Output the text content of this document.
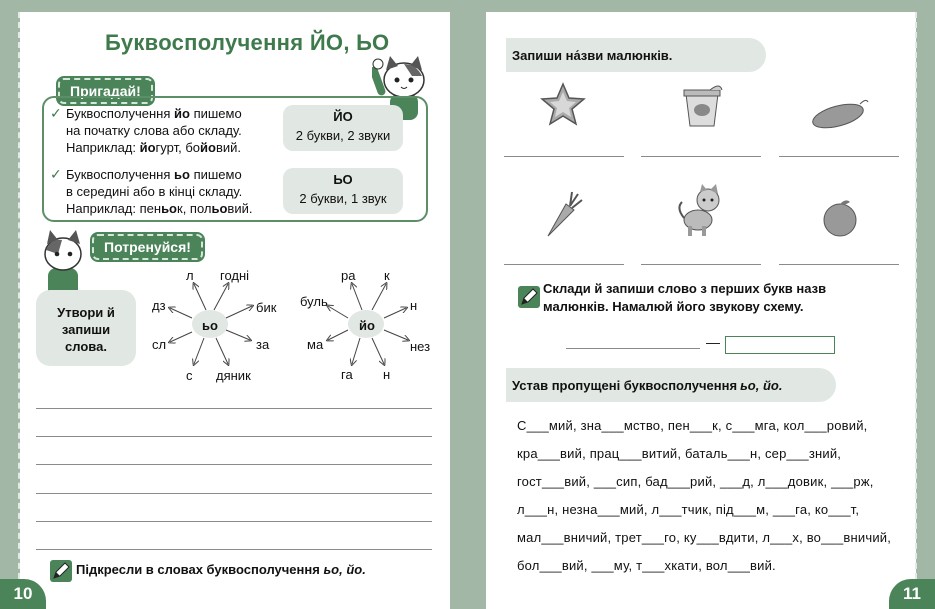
Буквосполучення ЙО, ЬО
Пригадай!
✓ Буквосполучення йо пишемо
на початку слова або складу.
Наприклад: йогурт, бойовий.
✓ Буквосполучення ьо пишемо
в середині або в кінці складу.
Наприклад: пеньок, польовий.
ЙО
2 букви, 2 звуки
ЬО
2 букви, 1 звук
Потренуйся!
Утвори й запиши слова.
ьо
л годні
бик
за
дяник
с
сл
дз
йо
ра к
н
нез
н
га
ма
буль
Підкресли в словах буквосполучення ьо, йо.
10
Запиши на́зви малюнків.
Склади й запиши слово з перших букв назв малюнків. Намалюй його звукову схему.
—
Устав пропущені буквосполучення ьо, йо.
С___мий, зна___мство, пен___к, с___мга, кол___ровий,
кра___вий, прац___витий, баталь___н, сер___зний,
гост___вий, ___сип, бад___рий, ___д, л___довик, ___рж,
л___н, незна___мий, л___тчик, під___м, ___га, ко___т,
мал___вничий, трет___го, ку___вдити, л___х, во___вничий,
бол___вий, ___му, т___хкати, вол___вий.
11
